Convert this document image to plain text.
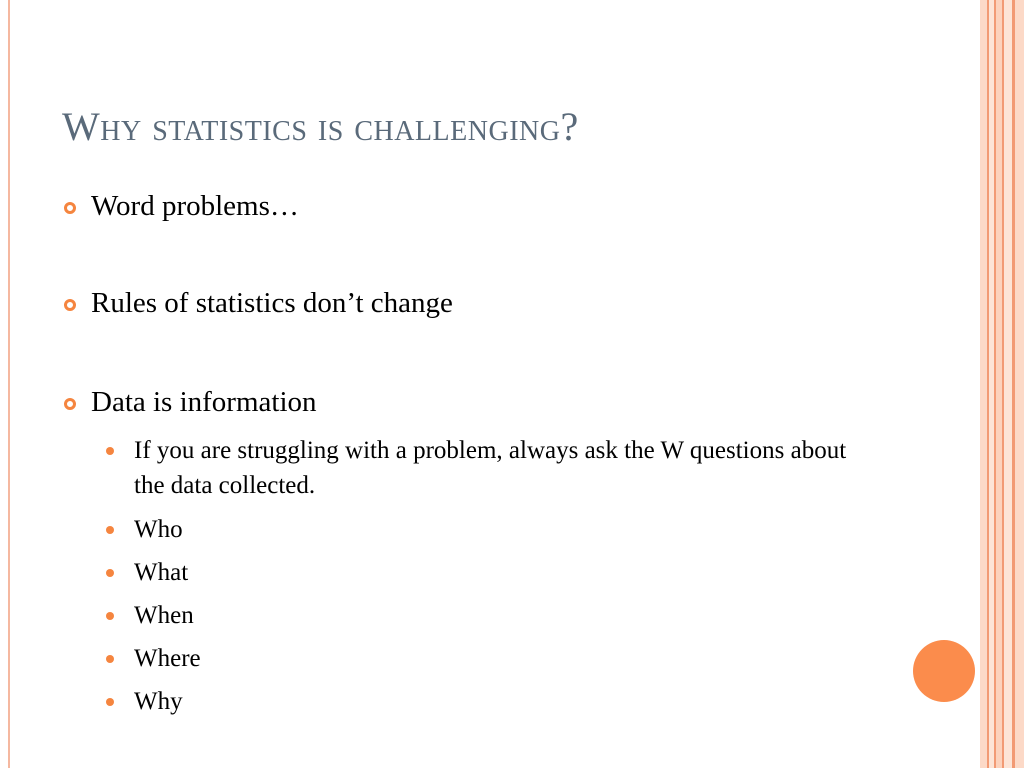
Why statistics is challenging?
Word problems…
Rules of statistics don’t change
Data is information
If you are struggling with a problem, always ask the W questions about the data collected.
Who
What
When
Where
Why
